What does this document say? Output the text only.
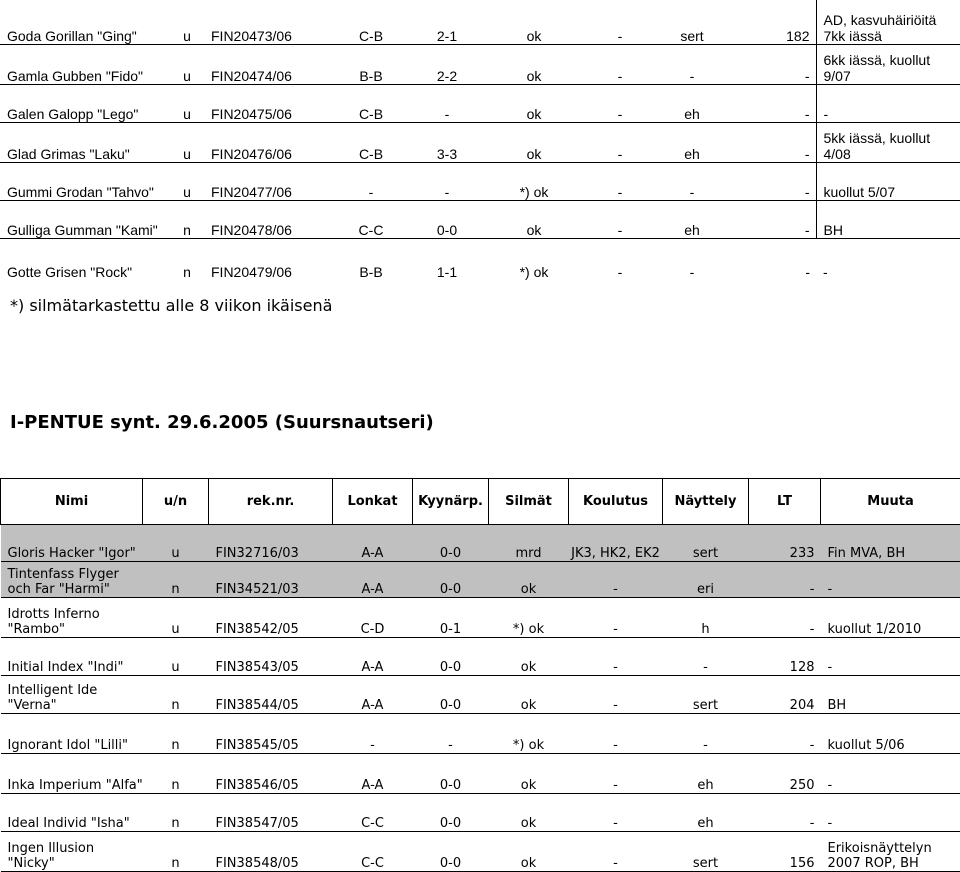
Goda Gorillan "Ging"	u	FIN20473/06	C-B	2-1	ok	-	sert	182	AD, kasvuhäiriöitä 7kk iässä
Gamla Gubben "Fido"	u	FIN20474/06	B-B	2-2	ok	-	-	-	6kk iässä, kuollut 9/07
Galen Galopp "Lego"	u	FIN20475/06	C-B	-	ok	-	eh	-	-
Glad Grimas "Laku"	u	FIN20476/06	C-B	3-3	ok	-	eh	-	5kk iässä, kuollut 4/08
Gummi Grodan "Tahvo"	u	FIN20477/06	-	-	*) ok	-	-	-	kuollut 5/07
Gulliga Gumman "Kami"	n	FIN20478/06	C-C	0-0	ok	-	eh	-	BH
Gotte Grisen "Rock"	n	FIN20479/06	B-B	1-1	*) ok	-	-	-	-
*) silmätarkastettu alle 8 viikon ikäisenä
I-PENTUE synt. 29.6.2005 (Suursnautseri)
Nimi	u/n	rek.nr.	Lonkat	Kyynärp.	Silmät	Koulutus	Näyttely	LT	Muuta
Gloris Hacker "Igor"	u	FIN32716/03	A-A	0-0	mrd	JK3, HK2, EK2	sert	233	Fin MVA, BH
Tintenfass Flyger och Far "Harmi"	n	FIN34521/03	A-A	0-0	ok	-	eri	-	-
Idrotts Inferno "Rambo"	u	FIN38542/05	C-D	0-1	*) ok	-	h	-	kuollut 1/2010
Initial Index "Indi"	u	FIN38543/05	A-A	0-0	ok	-	-	128	-
Intelligent Ide "Verna"	n	FIN38544/05	A-A	0-0	ok	-	sert	204	BH
Ignorant Idol "Lilli"	n	FIN38545/05	-	-	*) ok	-	-	-	kuollut 5/06
Inka Imperium "Alfa"	n	FIN38546/05	A-A	0-0	ok	-	eh	250	-
Ideal Individ "Isha"	n	FIN38547/05	C-C	0-0	ok	-	eh	-	-
Ingen Illusion "Nicky"	n	FIN38548/05	C-C	0-0	ok	-	sert	156	Erikoisnäyttelyn 2007 ROP, BH
